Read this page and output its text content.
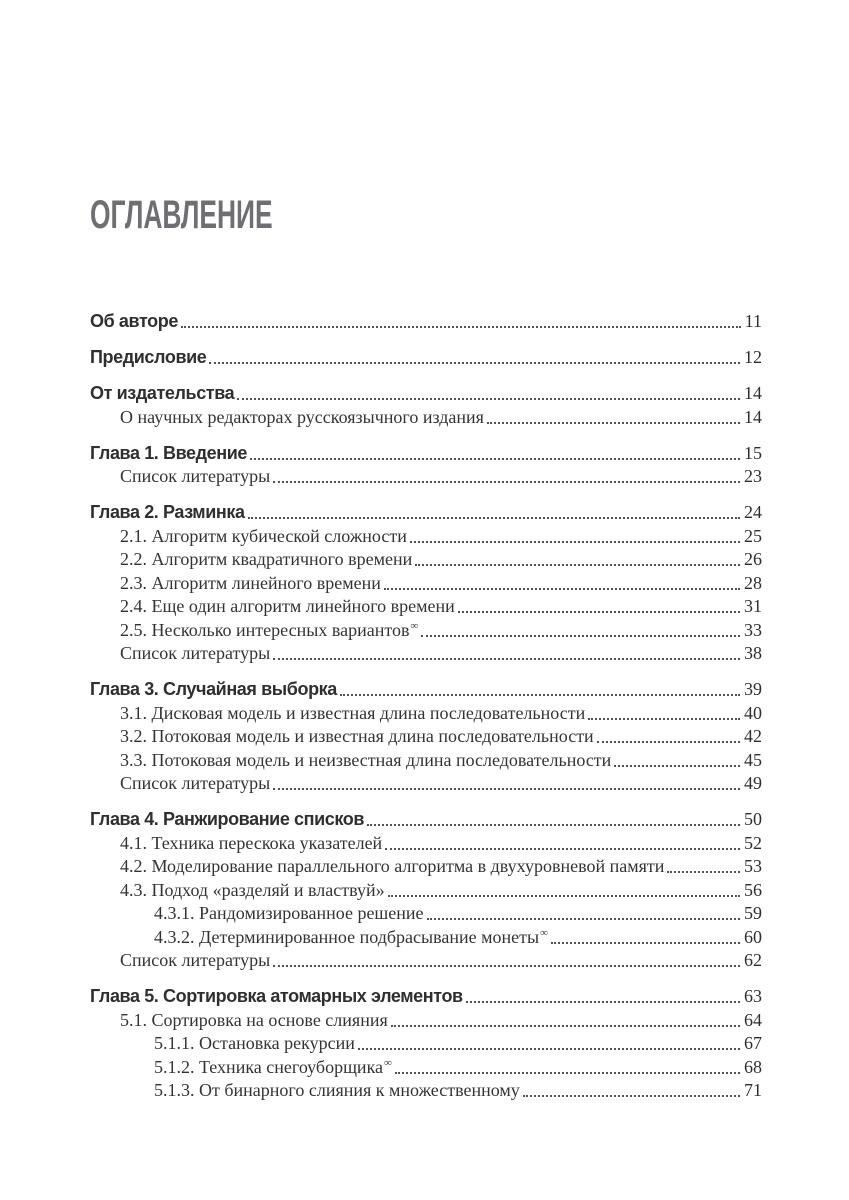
ОГЛАВЛЕНИЕ
Об авторе	11
Предисловие	12
От издательства	14
О научных редакторах русскоязычного издания	14
Глава 1. Введение	15
Список литературы	23
Глава 2. Разминка	24
2.1. Алгоритм кубической сложности	25
2.2. Алгоритм квадратичного времени	26
2.3. Алгоритм линейного времени	28
2.4. Еще один алгоритм линейного времени	31
2.5. Несколько интересных вариантов∞	33
Список литературы	38
Глава 3. Случайная выборка	39
3.1. Дисковая модель и известная длина последовательности	40
3.2. Потоковая модель и известная длина последовательности	42
3.3. Потоковая модель и неизвестная длина последовательности	45
Список литературы	49
Глава 4. Ранжирование списков	50
4.1. Техника перескока указателей	52
4.2. Моделирование параллельного алгоритма в двухуровневой памяти	53
4.3. Подход «разделяй и властвуй»	56
4.3.1. Рандомизированное решение	59
4.3.2. Детерминированное подбрасывание монеты∞	60
Список литературы	62
Глава 5. Сортировка атомарных элементов	63
5.1. Сортировка на основе слияния	64
5.1.1. Остановка рекурсии	67
5.1.2. Техника снегоуборщика∞	68
5.1.3. От бинарного слияния к множественному	71
